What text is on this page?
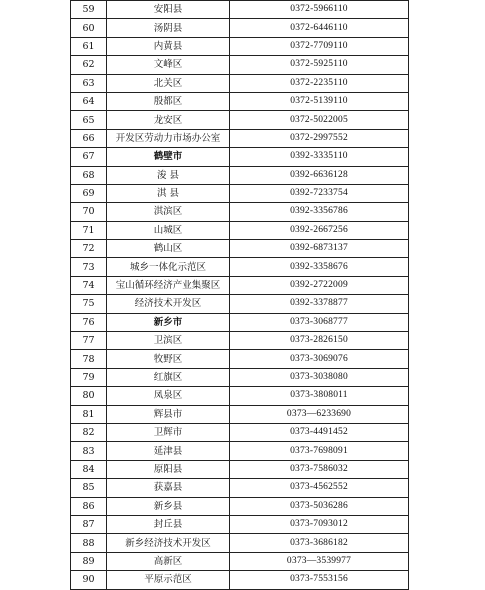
59	安阳县	0372-5966110
60	汤阴县	0372-6446110
61	内黄县	0372-7709110
62	文峰区	0372-5925110
63	北关区	0372-2235110
64	殷都区	0372-5139110
65	龙安区	0372-5022005
66	开发区劳动力市场办公室	0372-2997552
67	鹤壁市	0392-3335110
68	浚 县	0392-6636128
69	淇 县	0392-7233754
70	淇滨区	0392-3356786
71	山城区	0392-2667256
72	鹤山区	0392-6873137
73	城乡一体化示范区	0392-3358676
74	宝山循环经济产业集聚区	0392-2722009
75	经济技术开发区	0392-3378877
76	新乡市	0373-3068777
77	卫滨区	0373-2826150
78	牧野区	0373-3069076
79	红旗区	0373-3038080
80	凤泉区	0373-3808011
81	辉县市	0373—6233690
82	卫辉市	0373-4491452
83	延津县	0373-7698091
84	原阳县	0373-7586032
85	获嘉县	0373-4562552
86	新乡县	0373-5036286
87	封丘县	0373-7093012
88	新乡经济技术开发区	0373-3686182
89	高新区	0373—3539977
90	平原示范区	0373-7553156
